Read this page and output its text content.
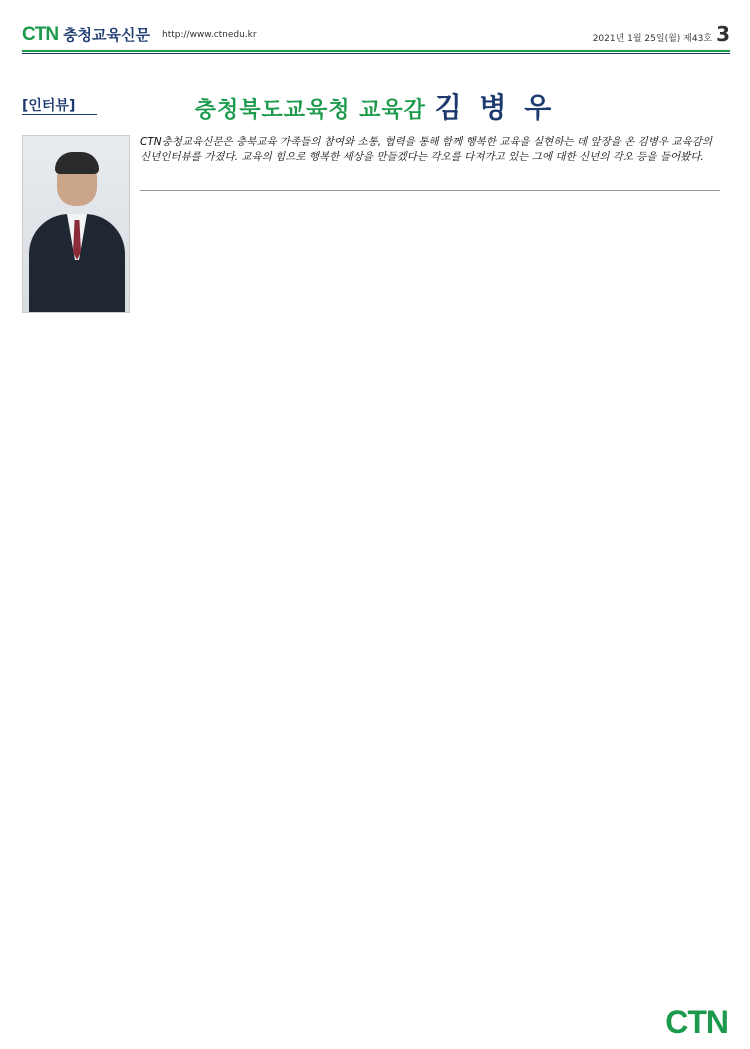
CTN 충청교육신문 http://www.ctnedu.kr	2021년 1월 25일(월) 제43호 3
[인터뷰]	충청북도교육청 교육감 김 병 우
CTN충청교육신문은 충북교육 가족들의 참여와 소통, 협력을 통해 함께 행복한 교육을 실현하는 데 앞장을 온 김병우 교육감의 신년인터뷰를 가졌다. 교육의 힘으로 행복한 세상을 만들겠다는 각오를 다져가고 있는 그에 대한 신년의 각오 등을 들어봤다.
CTN
